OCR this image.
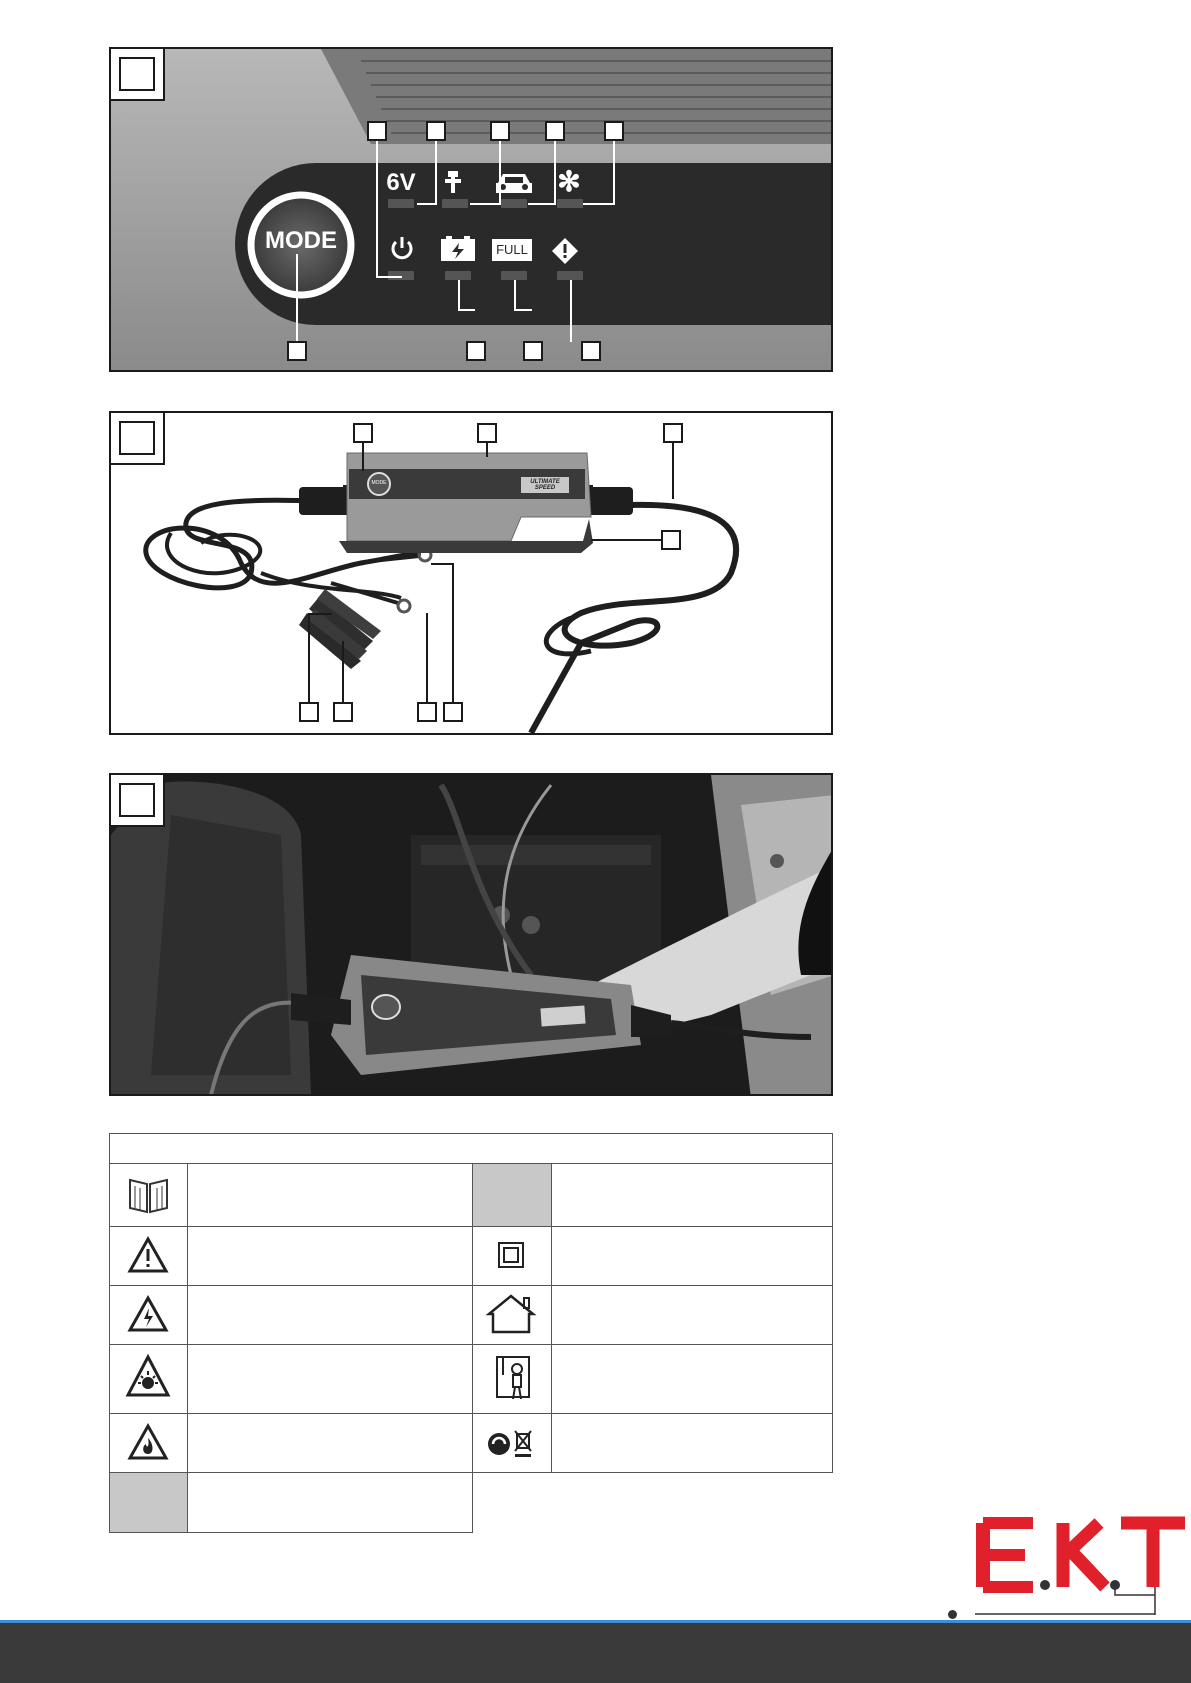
MODE
6V	✻
FULL
MODE	ULTIMATE SPEED
